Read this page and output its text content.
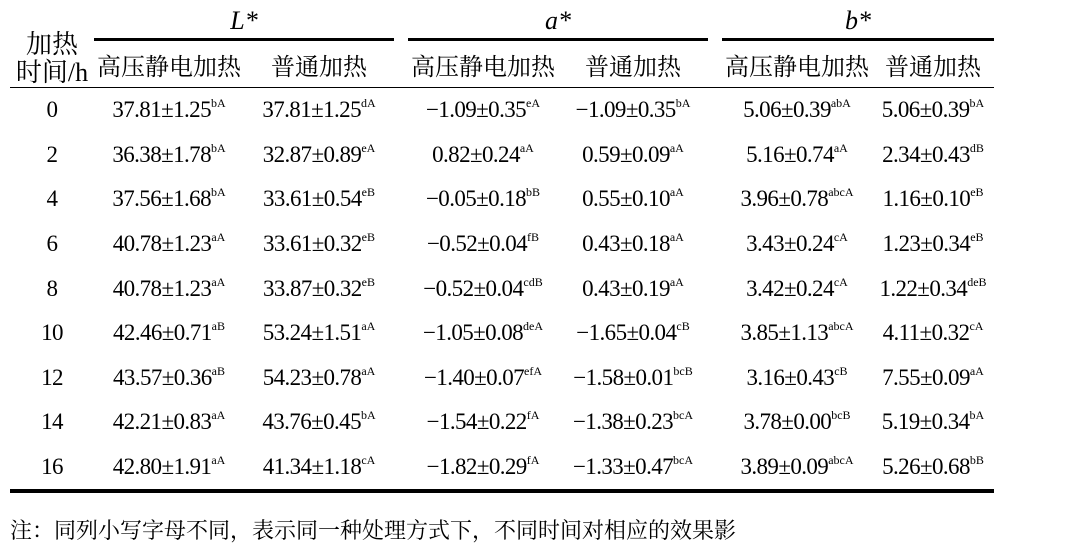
加热
时间/h	L*			a*			b*	
	高压静电加热	普通加热		高压静电加热	普通加热		高压静电加热	普通加热
0	$37.81\pm 1.25^{bA}$	$37.81\pm 1.25^{dA}$		$-1.09\pm 0.35^{eA}$	$-1.09\pm 0.35^{bA}$		$5.06\pm 0.39^{abA}$	$5.06\pm 0.39^{bA}$
2	$36.38\pm 1.78^{bA}$	$32.87\pm 0.89^{eA}$		$0.82\pm 0.24^{aA}$	$0.59\pm 0.09^{aA}$		$5.16\pm 0.74^{aA}$	$2.34\pm 0.43^{dB}$
4	$37.56\pm 1.68^{bA}$	$33.61\pm 0.54^{eB}$		$-0.05\pm 0.18^{bB}$	$0.55\pm 0.10^{aA}$		$3.96\pm 0.78^{abcA}$	$1.16\pm 0.10^{eB}$
6	$40.78\pm 1.23^{aA}$	$33.61\pm 0.32^{eB}$		$-0.52\pm 0.04^{fB}$	$0.43\pm 0.18^{aA}$		$3.43\pm 0.24^{cA}$	$1.23\pm 0.34^{eB}$
8	$40.78\pm 1.23^{aA}$	$33.87\pm 0.32^{eB}$		$-0.52\pm 0.04^{cdB}$	$0.43\pm 0.19^{aA}$		$3.42\pm 0.24^{cA}$	$1.22\pm 0.34^{deB}$
10	$42.46\pm 0.71^{aB}$	$53.24\pm 1.51^{aA}$		$-1.05\pm 0.08^{deA}$	$-1.65\pm 0.04^{cB}$		$3.85\pm 1.13^{abcA}$	$4.11\pm 0.32^{cA}$
12	$43.57\pm 0.36^{aB}$	$54.23\pm 0.78^{aA}$		$-1.40\pm 0.07^{efA}$	$-1.58\pm 0.01^{bcB}$		$3.16\pm 0.43^{cB}$	$7.55\pm 0.09^{aA}$
14	$42.21\pm 0.83^{aA}$	$43.76\pm 0.45^{bA}$		$-1.54\pm 0.22^{fA}$	$-1.38\pm 0.23^{bcA}$		$3.78\pm 0.00^{bcB}$	$5.19\pm 0.34^{bA}$
16	$42.80\pm 1.91^{aA}$	$41.34\pm 1.18^{cA}$		$-1.82\pm 0.29^{fA}$	$-1.33\pm 0.47^{bcA}$		$3.89\pm 0.09^{abcA}$	$5.26\pm 0.68^{bB}$
注：同列小写字母不同，表示同一种处理方式下，不同时间对相应的效果影
